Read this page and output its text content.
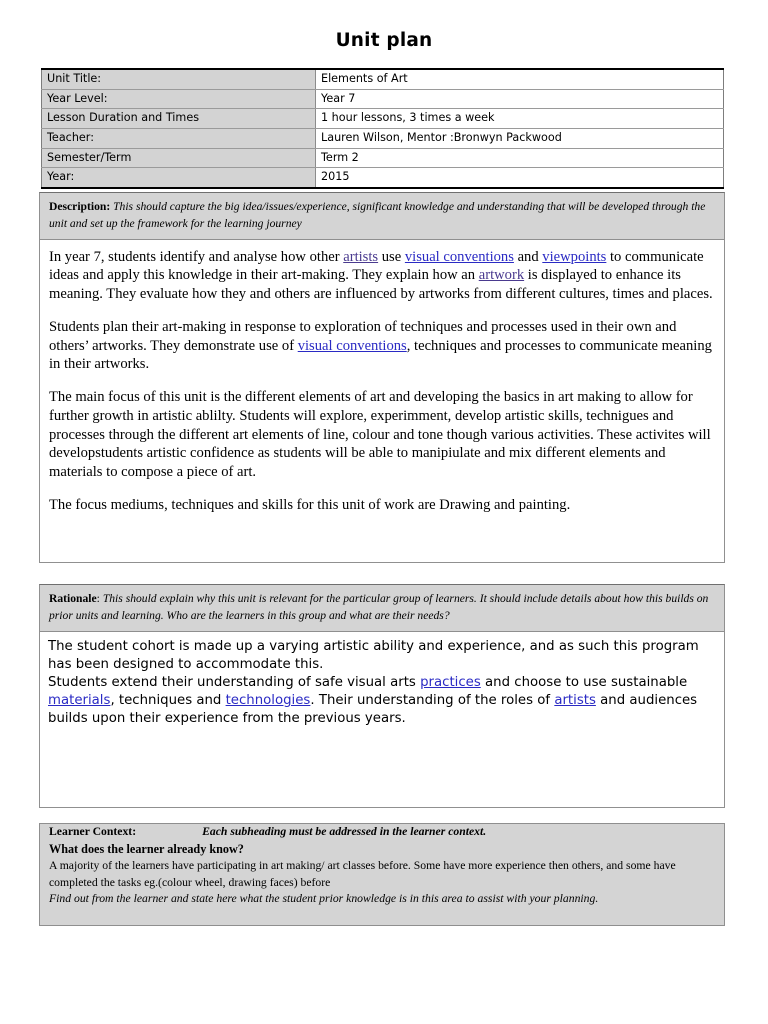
Unit plan
Unit Title:	Elements of Art
Year Level:	Year 7
Lesson Duration and Times	1 hour lessons, 3 times a week
Teacher:	Lauren Wilson, Mentor :Bronwyn Packwood
Semester/Term	Term 2
Year:	2015
Description: This should capture the big idea/issues/experience, significant knowledge and understanding that will be developed through the unit and set up the framework for the learning journey

In year 7, students identify and analyse how other artists use visual conventions and viewpoints to communicate ideas and apply this knowledge in their art-making. They explain how an artwork is displayed to enhance its meaning. They evaluate how they and others are influenced by artworks from different cultures, times and places.

Students plan their art-making in response to exploration of techniques and processes used in their own and others’ artworks. They demonstrate use of visual conventions, techniques and processes to communicate meaning in their artworks.

The main focus of this unit is the different elements of art and developing the basics in art making to allow for further growth in artistic ablilty. Students will explore, experimment, develop artistic skills, technigues and processes through the different art elements of line, colour and tone though various activities. These activites will developstudents artistic confidence as students will be able to manipiulate and mix different elements and materials to compose a piece of art.

The focus mediums, techniques and skills for this unit of work are Drawing and painting.

Rationale: This should explain why this unit is relevant for the particular group of learners. It should include details about how this builds on prior units and learning. Who are the learners in this group and what are their needs?

The student cohort is made up a varying artistic ability and experience, and as such this program has been designed to accommodate this.
Students extend their understanding of safe visual arts practices and choose to use sustainable materials, techniques and technologies. Their understanding of the roles of artists and audiences builds upon their experience from the previous years.

Learner Context:	Each subheading must be addressed in the learner context.
What does the learner already know?
A majority of the learners have participating in art making/ art classes before. Some have more experience then others, and some have completed the tasks eg.(colour wheel, drawing faces) before
Find out from the learner and state here what the student prior knowledge is in this area to assist with your planning.
